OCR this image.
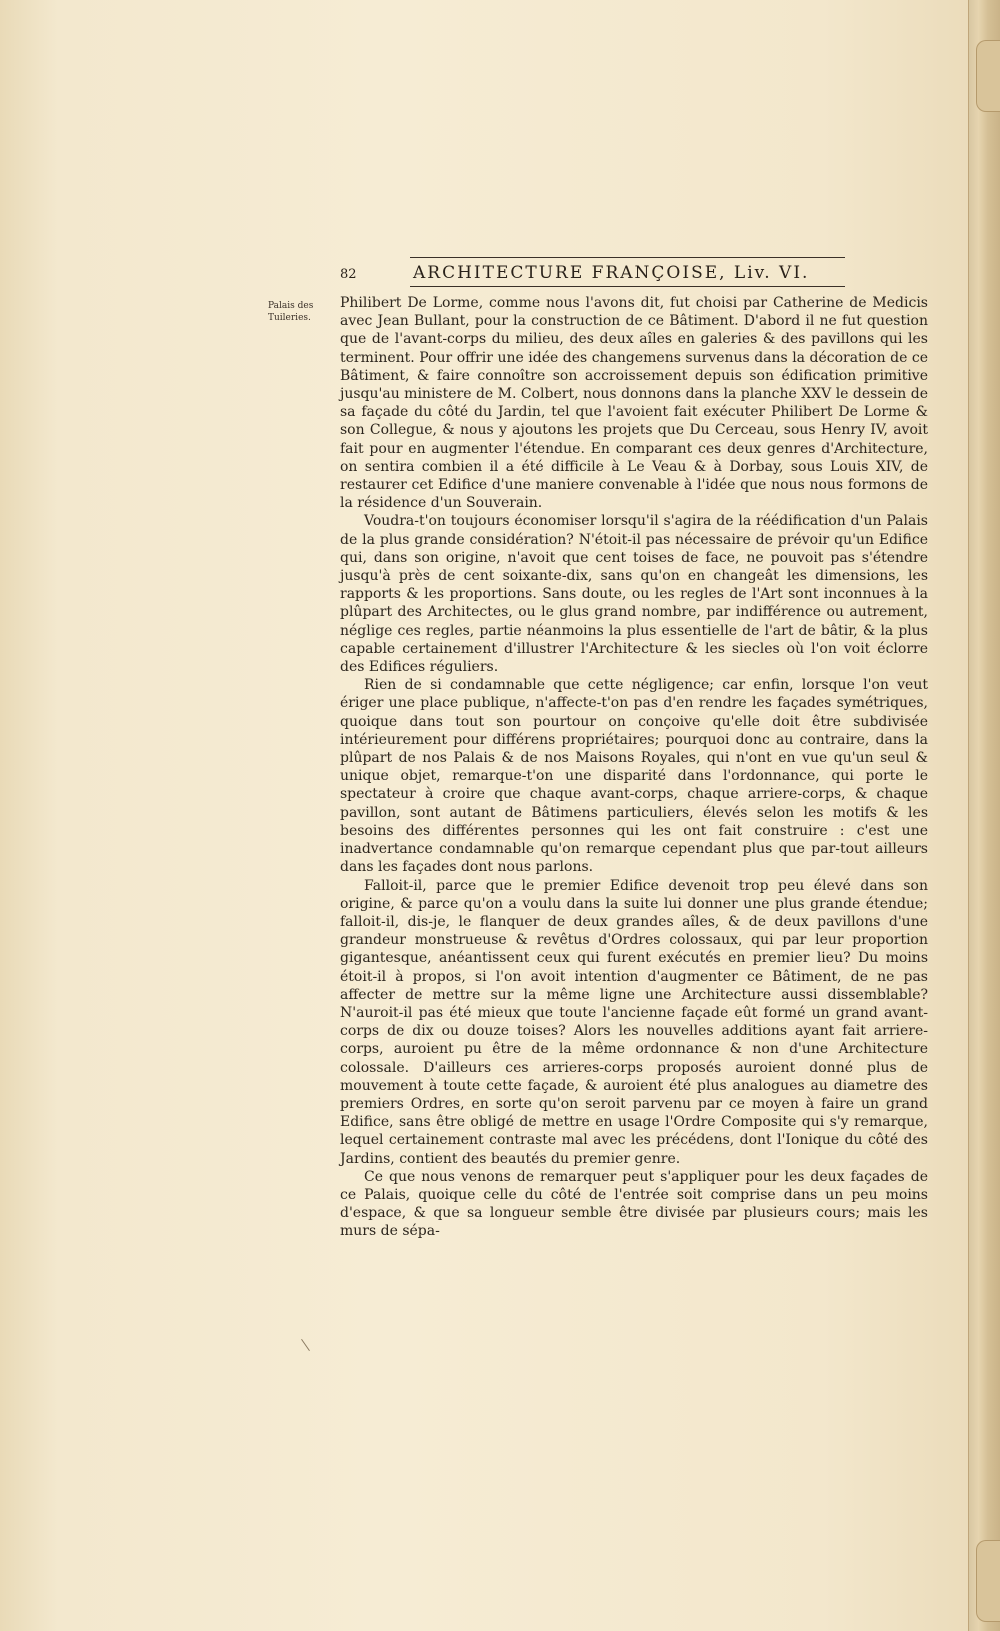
82	ARCHITECTURE FRANÇOISE, Liv. VI.
Palais des Tuileries.

Philibert De Lorme, comme nous l'avons dit, fut choisi par Catherine de Medicis avec Jean Bullant, pour la construction de ce Bâtiment. D'abord il ne fut question que de l'avant-corps du milieu, des deux aîles en galeries & des pavillons qui les terminent. Pour offrir une idée des changemens survenus dans la décoration de ce Bâtiment, & faire connoître son accroissement depuis son édification primitive jusqu'au ministere de M. Colbert, nous donnons dans la planche XXV le dessein de sa façade du côté du Jardin, tel que l'avoient fait exécuter Philibert De Lorme & son Collegue, & nous y ajoutons les projets que Du Cerceau, sous Henry IV, avoit fait pour en augmenter l'étendue. En comparant ces deux genres d'Architecture, on sentira combien il a été difficile à Le Veau & à Dorbay, sous Louis XIV, de restaurer cet Edifice d'une maniere convenable à l'idée que nous nous formons de la résidence d'un Souverain.

Voudra-t'on toujours économiser lorsqu'il s'agira de la réédification d'un Palais de la plus grande considération? N'étoit-il pas nécessaire de prévoir qu'un Edifice qui, dans son origine, n'avoit que cent toises de face, ne pouvoit pas s'étendre jusqu'à près de cent soixante-dix, sans qu'on en changeât les dimensions, les rapports & les proportions. Sans doute, ou les regles de l'Art sont inconnues à la plûpart des Architectes, ou le glus grand nombre, par indifférence ou autrement, néglige ces regles, partie néanmoins la plus essentielle de l'art de bâtir, & la plus capable certainement d'illustrer l'Architecture & les siecles où l'on voit éclorre des Edifices réguliers.

Rien de si condamnable que cette négligence; car enfin, lorsque l'on veut ériger une place publique, n'affecte-t'on pas d'en rendre les façades symétriques, quoique dans tout son pourtour on conçoive qu'elle doit être subdivisée intérieurement pour différens propriétaires; pourquoi donc au contraire, dans la plûpart de nos Palais & de nos Maisons Royales, qui n'ont en vue qu'un seul & unique objet, remarque-t'on une disparité dans l'ordonnance, qui porte le spectateur à croire que chaque avant-corps, chaque arriere-corps, & chaque pavillon, sont autant de Bâtimens particuliers, élevés selon les motifs & les besoins des différentes personnes qui les ont fait construire : c'est une inadvertance condamnable qu'on remarque cependant plus que par-tout ailleurs dans les façades dont nous parlons.

Falloit-il, parce que le premier Edifice devenoit trop peu élevé dans son origine, & parce qu'on a voulu dans la suite lui donner une plus grande étendue; falloit-il, dis-je, le flanquer de deux grandes aîles, & de deux pavillons d'une grandeur monstrueuse & revêtus d'Ordres colossaux, qui par leur proportion gigantesque, anéantissent ceux qui furent exécutés en premier lieu? Du moins étoit-il à propos, si l'on avoit intention d'augmenter ce Bâtiment, de ne pas affecter de mettre sur la même ligne une Architecture aussi dissemblable? N'auroit-il pas été mieux que toute l'ancienne façade eût formé un grand avant-corps de dix ou douze toises? Alors les nouvelles additions ayant fait arriere-corps, auroient pu être de la même ordonnance & non d'une Architecture colossale. D'ailleurs ces arrieres-corps proposés auroient donné plus de mouvement à toute cette façade, & auroient été plus analogues au diametre des premiers Ordres, en sorte qu'on seroit parvenu par ce moyen à faire un grand Edifice, sans être obligé de mettre en usage l'Ordre Composite qui s'y remarque, lequel certainement contraste mal avec les précédens, dont l'Ionique du côté des Jardins, contient des beautés du premier genre.

Ce que nous venons de remarquer peut s'appliquer pour les deux façades de ce Palais, quoique celle du côté de l'entrée soit comprise dans un peu moins d'espace, & que sa longueur semble être divisée par plusieurs cours; mais les murs de sépa-
